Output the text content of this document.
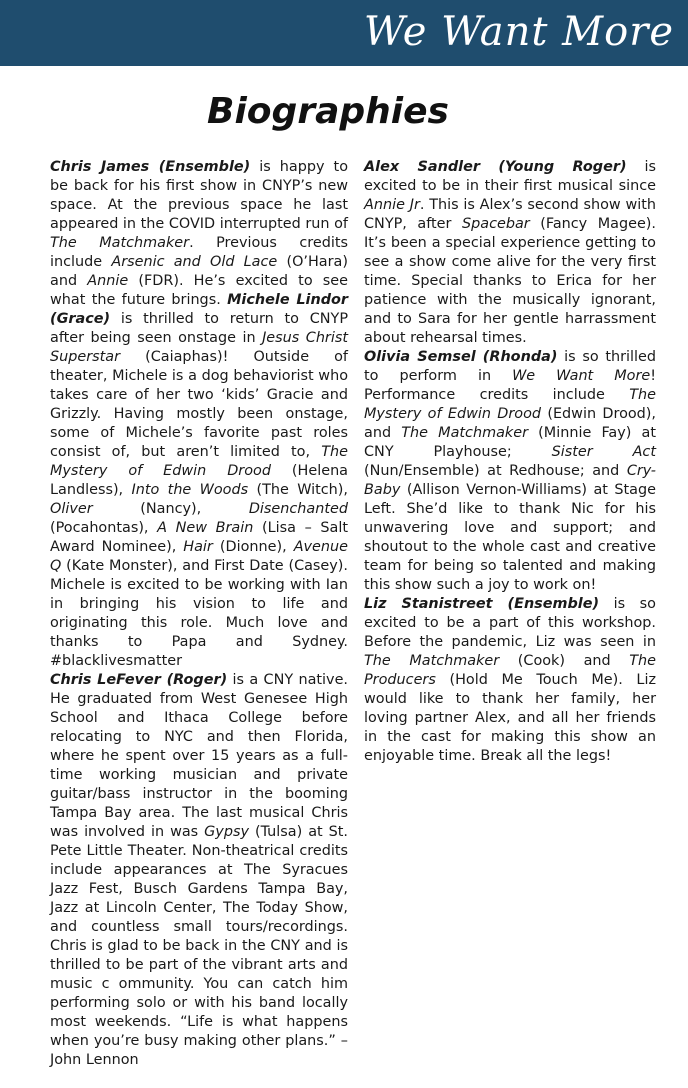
We Want More
Biographies

Chris James (Ensemble) is happy to be back for his first show in CNYP’s new space. At the previous space he last appeared in the COVID interrupted run of The Matchmaker. Previous credits include Arsenic and Old Lace (O’Hara) and Annie (FDR). He’s excited to see what the future brings. Michele Lindor (Grace) is thrilled to return to CNYP after being seen onstage in Jesus Christ Superstar (Caiaphas)! Outside of theater, Michele is a dog behaviorist who takes care of her two ‘kids’ Gracie and Grizzly. Having mostly been onstage, some of Michele’s favorite past roles consist of, but aren’t limited to, The Mystery of Edwin Drood (Helena Landless), Into the Woods (The Witch), Oliver (Nancy), Disenchanted (Pocahontas), A New Brain (Lisa – Salt Award Nominee), Hair (Dionne), Avenue Q (Kate Monster), and First Date (Casey). Michele is excited to be working with Ian in bringing his vision to life and originating this role. Much love and thanks to Papa and Sydney. #blacklivesmatter

Chris LeFever (Roger) is a CNY native. He graduated from West Genesee High School and Ithaca College before relocating to NYC and then Florida, where he spent over 15 years as a full-time working musician and private guitar/bass instructor in the booming Tampa Bay area. The last musical Chris was involved in was Gypsy (Tulsa) at St. Pete Little Theater. Non-theatrical credits include appearances at The Syracues Jazz Fest, Busch Gardens Tampa Bay, Jazz at Lincoln Center, The Today Show, and countless small tours/recordings. Chris is glad to be back in the CNY and is thrilled to be part of the vibrant arts and music c ommunity. You can catch him performing solo or with his band locally most weekends. “Life is what happens when you’re busy making other plans.” – John Lennon

Alex Sandler (Young Roger) is excited to be in their first musical since Annie Jr. This is Alex’s second show with CNYP, after Spacebar (Fancy Magee). It’s been a special experience getting to see a show come alive for the very first time. Special thanks to Erica for her patience with the musically ignorant, and to Sara for her gentle harrassment about rehearsal times.

Olivia Semsel (Rhonda) is so thrilled to perform in We Want More! Performance credits include The Mystery of Edwin Drood (Edwin Drood), and The Matchmaker (Minnie Fay) at CNY Playhouse; Sister Act (Nun/Ensemble) at Redhouse; and Cry-Baby (Allison Vernon-Williams) at Stage Left. She’d like to thank Nic for his unwavering love and support; and shoutout to the whole cast and creative team for being so talented and making this show such a joy to work on!

Liz Stanistreet (Ensemble) is so excited to be a part of this workshop. Before the pandemic, Liz was seen in The Matchmaker (Cook) and The Producers (Hold Me Touch Me). Liz would like to thank her family, her loving partner Alex, and all her friends in the cast for making this show an enjoyable time. Break all the legs!
